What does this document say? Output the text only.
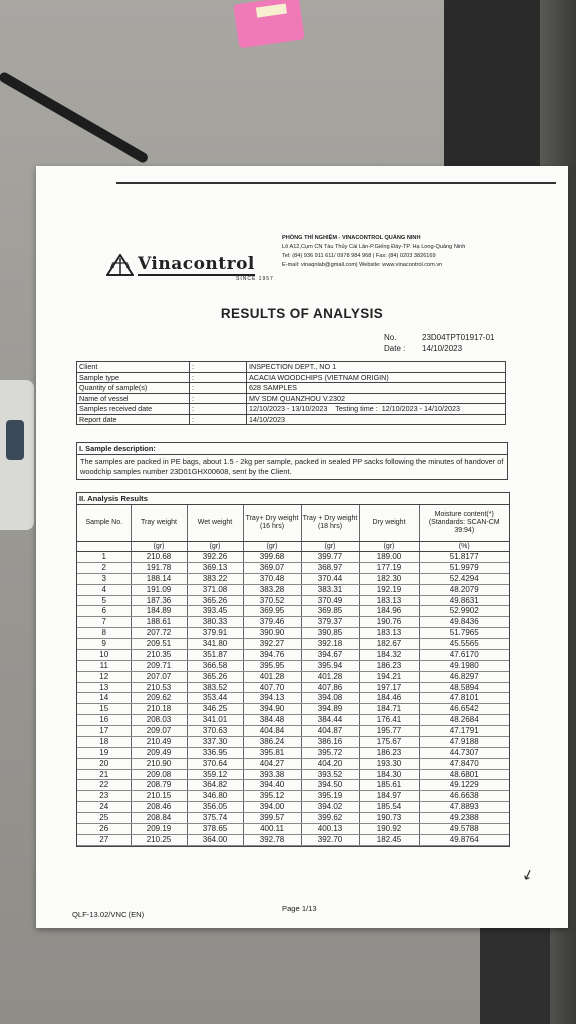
Vinacontrol
SINCE 1957
PHÒNG THÍ NGHIỆM - VINACONTROL QUẢNG NINH
Lô A12,Cụm CN Tàu Thủy Cái Lân-P.Giếng Đáy-TP. Hạ Long-Quảng Ninh
Tel: (84) 936 911 611/ 0978 984 968 | Fax: (84) 0203 3826169
E-mail: vinaqnlab@gmail.com| Website: www.vinacontrol.com.vn
RESULTS OF ANALYSIS
No.	23D04TPT01917-01
Date : 14/10/2023
Client	:	INSPECTION DEPT., NO 1
Sample type	:	ACACIA WOODCHIPS (VIETNAM ORIGIN)
Quantity of sample(s)	:	628 SAMPLES
Name of vessel	:	MV SDM QUANZHOU V.2302
Samples received date	:	12/10/2023 - 13/10/2023 Testing time : 12/10/2023 - 14/10/2023
Report date	:	14/10/2023
I. Sample description:
The samples are packed in PE bags, about 1.5 - 2kg per sample, packed in sealed PP sacks following the minutes of handover of woodchip samples number 23D01GHX00608, sent by the Client.
II. Analysis Results
Sample No.	Tray weight	Wet weight	Tray+ Dry weight (16 hrs)	Tray + Dry weight (18 hrs)	Dry weight	Moisture content(*) (Standards: SCAN-CM 39:94)
	(gr)	(gr)	(gr)	(gr)	(gr)	(%)
1	210.68	392.26	399.68	399.77	189.00	51.8177
2	191.78	369.13	369.07	368.97	177.19	51.9979
3	188.14	383.22	370.48	370.44	182.30	52.4294
4	191.09	371.08	383.28	383.31	192.19	48.2079
5	187.36	365.26	370.52	370.49	183.13	49.8631
6	184.89	393.45	369.95	369.85	184.96	52.9902
7	188.61	380.33	379.46	379.37	190.76	49.8436
8	207.72	379.91	390.90	390.85	183.13	51.7965
9	209.51	341.80	392.27	392.18	182.67	45.5565
10	210.35	351.87	394.76	394.67	184.32	47.6170
11	209.71	366.58	395.95	395.94	186.23	49.1980
12	207.07	365.26	401.28	401.28	194.21	46.8297
13	210.53	383.52	407.70	407.86	197.17	48.5894
14	209.62	353.44	394.13	394.08	184.46	47.8101
15	210.18	346.25	394.90	394.89	184.71	46.6542
16	208.03	341.01	384.48	384.44	176.41	48.2684
17	209.07	370.63	404.84	404.87	195.77	47.1791
18	210.49	337.30	386.24	386.16	175.67	47.9188
19	209.49	336.95	395.81	395.72	186.23	44.7307
20	210.90	370.64	404.27	404.20	193.30	47.8470
21	209.08	359.12	393.38	393.52	184.30	48.6801
22	208.79	364.82	394.40	394.50	185.61	49.1229
23	210.15	346.80	395.12	395.19	184.97	46.6638
24	208.46	356.05	394.00	394.02	185.54	47.8893
25	208.84	375.74	399.57	399.62	190.73	49.2388
26	209.19	378.65	400.11	400.13	190.92	49.5788
27	210.25	364.00	392.78	392.70	182.45	49.8764
↙
QLF-13.02/VNC (EN)
Page 1/13
